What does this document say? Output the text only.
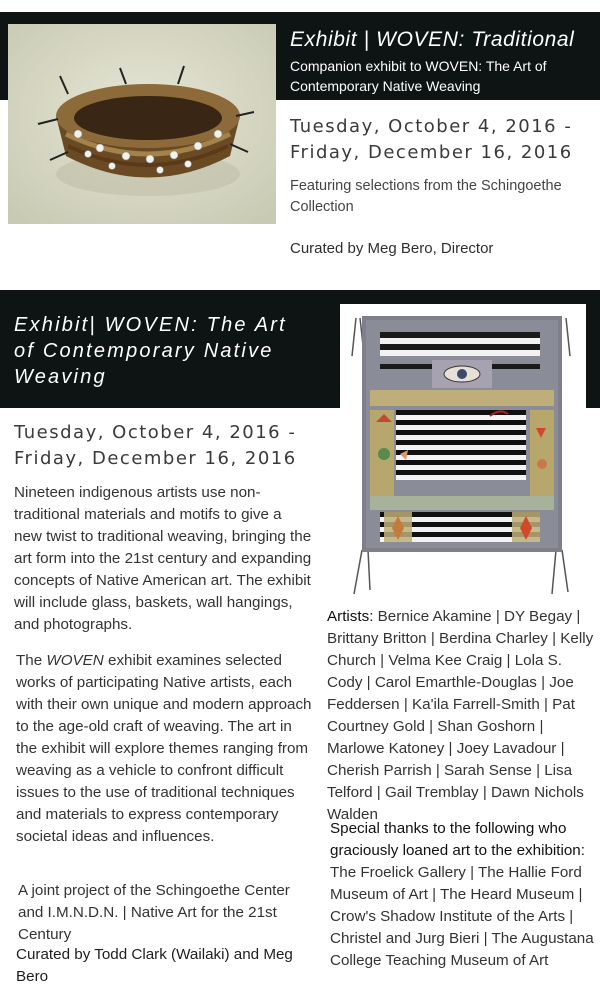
Exhibit | WOVEN: Traditional
Companion exhibit to WOVEN: The Art of Contemporary Native Weaving
Tuesday, October 4, 2016 -
Friday, December 16, 2016
Featuring selections from the Schingoethe Collection
Curated by Meg Bero, Director
Exhibit| WOVEN: The Art
of Contemporary Native
Weaving
Tuesday, October 4, 2016 -
Friday, December 16, 2016
Nineteen indigenous artists use non-traditional materials and motifs to give a new twist to traditional weaving, bringing the art form into the 21st century and expanding concepts of Native American art. The exhibit will include glass, baskets, wall hangings, and photographs.
The WOVEN exhibit examines selected works of participating Native artists, each with their own unique and modern approach to the age-old craft of weaving. The art in the exhibit will explore themes ranging from weaving as a vehicle to confront difficult issues to the use of traditional techniques and materials to express contemporary societal ideas and influences.
A joint project of the Schingoethe Center and I.M.N.D.N. | Native Art for the 21st Century
Curated by Todd Clark (Wailaki) and Meg Bero
Artists: Bernice Akamine | DY Begay | Brittany Britton | Berdina Charley | Kelly Church | Velma Kee Craig | Lola S. Cody | Carol Emarthle-Douglas | Joe Feddersen | Ka'ila Farrell-Smith | Pat Courtney Gold | Shan Goshorn | Marlowe Katoney | Joey Lavadour | Cherish Parrish | Sarah Sense | Lisa Telford | Gail Tremblay | Dawn Nichols Walden
Special thanks to the following who graciously loaned art to the exhibition:
The Froelick Gallery | The Hallie Ford Museum of Art | The Heard Museum | Crow's Shadow Institute of the Arts | Christel and Jurg Bieri | The Augustana College Teaching Museum of Art
